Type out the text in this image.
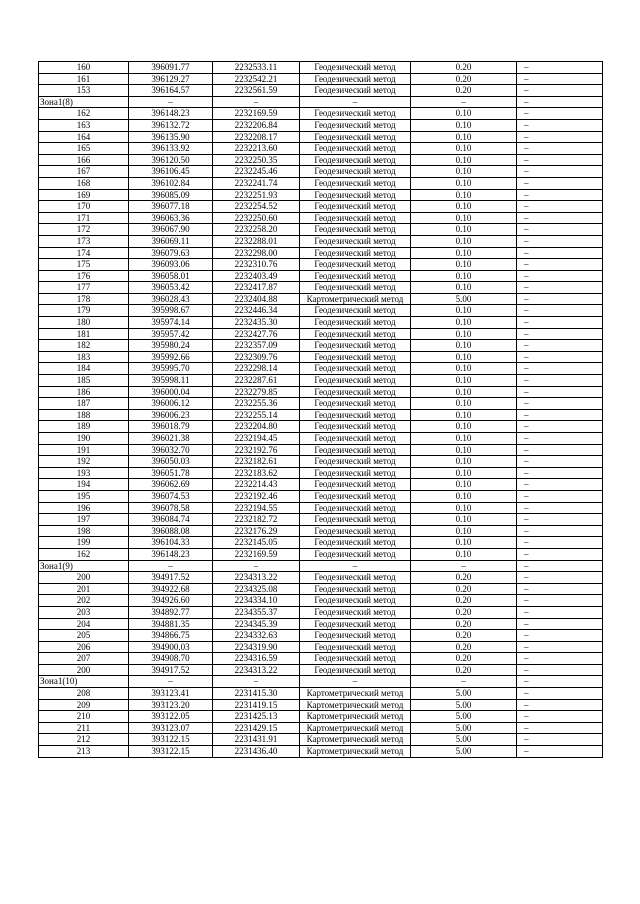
160	396091.77	2232533.11	Геодезический метод	0.20	–
161	396129.27	2232542.21	Геодезический метод	0.20	–
153	396164.57	2232561.59	Геодезический метод	0.20	–
Зона1(8)	–	–	–	–	–
162	396148.23	2232169.59	Геодезический метод	0.10	–
163	396132.72	2232206.84	Геодезический метод	0.10	–
164	396135.90	2232208.17	Геодезический метод	0.10	–
165	396133.92	2232213.60	Геодезический метод	0.10	–
166	396120.50	2232250.35	Геодезический метод	0.10	–
167	396106.45	2232245.46	Геодезический метод	0.10	–
168	396102.84	2232241.74	Геодезический метод	0.10	–
169	396085.09	2232251.93	Геодезический метод	0.10	–
170	396077.18	2232254.52	Геодезический метод	0.10	–
171	396063.36	2232250.60	Геодезический метод	0.10	–
172	396067.90	2232258.20	Геодезический метод	0.10	–
173	396069.11	2232288.01	Геодезический метод	0.10	–
174	396079.63	2232298.00	Геодезический метод	0.10	–
175	396093.06	2232310.76	Геодезический метод	0.10	–
176	396058.01	2232403.49	Геодезический метод	0.10	–
177	396053.42	2232417.87	Геодезический метод	0.10	–
178	396028.43	2232404.88	Картометрический метод	5.00	–
179	395998.67	2232446.34	Геодезический метод	0.10	–
180	395974.14	2232435.30	Геодезический метод	0.10	–
181	395957.42	2232427.76	Геодезический метод	0.10	–
182	395980.24	2232357.09	Геодезический метод	0.10	–
183	395992.66	2232309.76	Геодезический метод	0.10	–
184	395995.70	2232298.14	Геодезический метод	0.10	–
185	395998.11	2232287.61	Геодезический метод	0.10	–
186	396000.04	2232279.85	Геодезический метод	0.10	–
187	396006.12	2232255.36	Геодезический метод	0.10	–
188	396006.23	2232255.14	Геодезический метод	0.10	–
189	396018.79	2232204.80	Геодезический метод	0.10	–
190	396021.38	2232194.45	Геодезический метод	0.10	–
191	396032.70	2232192.76	Геодезический метод	0.10	–
192	396050.03	2232182.61	Геодезический метод	0.10	–
193	396051.78	2232183.62	Геодезический метод	0.10	–
194	396062.69	2232214.43	Геодезический метод	0.10	–
195	396074.53	2232192.46	Геодезический метод	0.10	–
196	396078.58	2232194.55	Геодезический метод	0.10	–
197	396084.74	2232182.72	Геодезический метод	0.10	–
198	396088.08	2232176.29	Геодезический метод	0.10	–
199	396104.33	2232145.05	Геодезический метод	0.10	–
162	396148.23	2232169.59	Геодезический метод	0.10	–
Зона1(9)	–	–	–	–	–
200	394917.52	2234313.22	Геодезический метод	0.20	–
201	394922.68	2234325.08	Геодезический метод	0.20	–
202	394926.60	2234334.10	Геодезический метод	0.20	–
203	394892.77	2234355.37	Геодезический метод	0.20	–
204	394881.35	2234345.39	Геодезический метод	0.20	–
205	394866.75	2234332.63	Геодезический метод	0.20	–
206	394900.03	2234319.90	Геодезический метод	0.20	–
207	394908.70	2234316.59	Геодезический метод	0.20	–
200	394917.52	2234313.22	Геодезический метод	0.20	–
Зона1(10)	–	–	–	–	–
208	393123.41	2231415.30	Картометрический метод	5.00	–
209	393123.20	2231419.15	Картометрический метод	5.00	–
210	393122.05	2231425.13	Картометрический метод	5.00	–
211	393123.07	2231429.15	Картометрический метод	5.00	–
212	393122.15	2231431.91	Картометрический метод	5.00	–
213	393122.15	2231436.40	Картометрический метод	5.00	–
